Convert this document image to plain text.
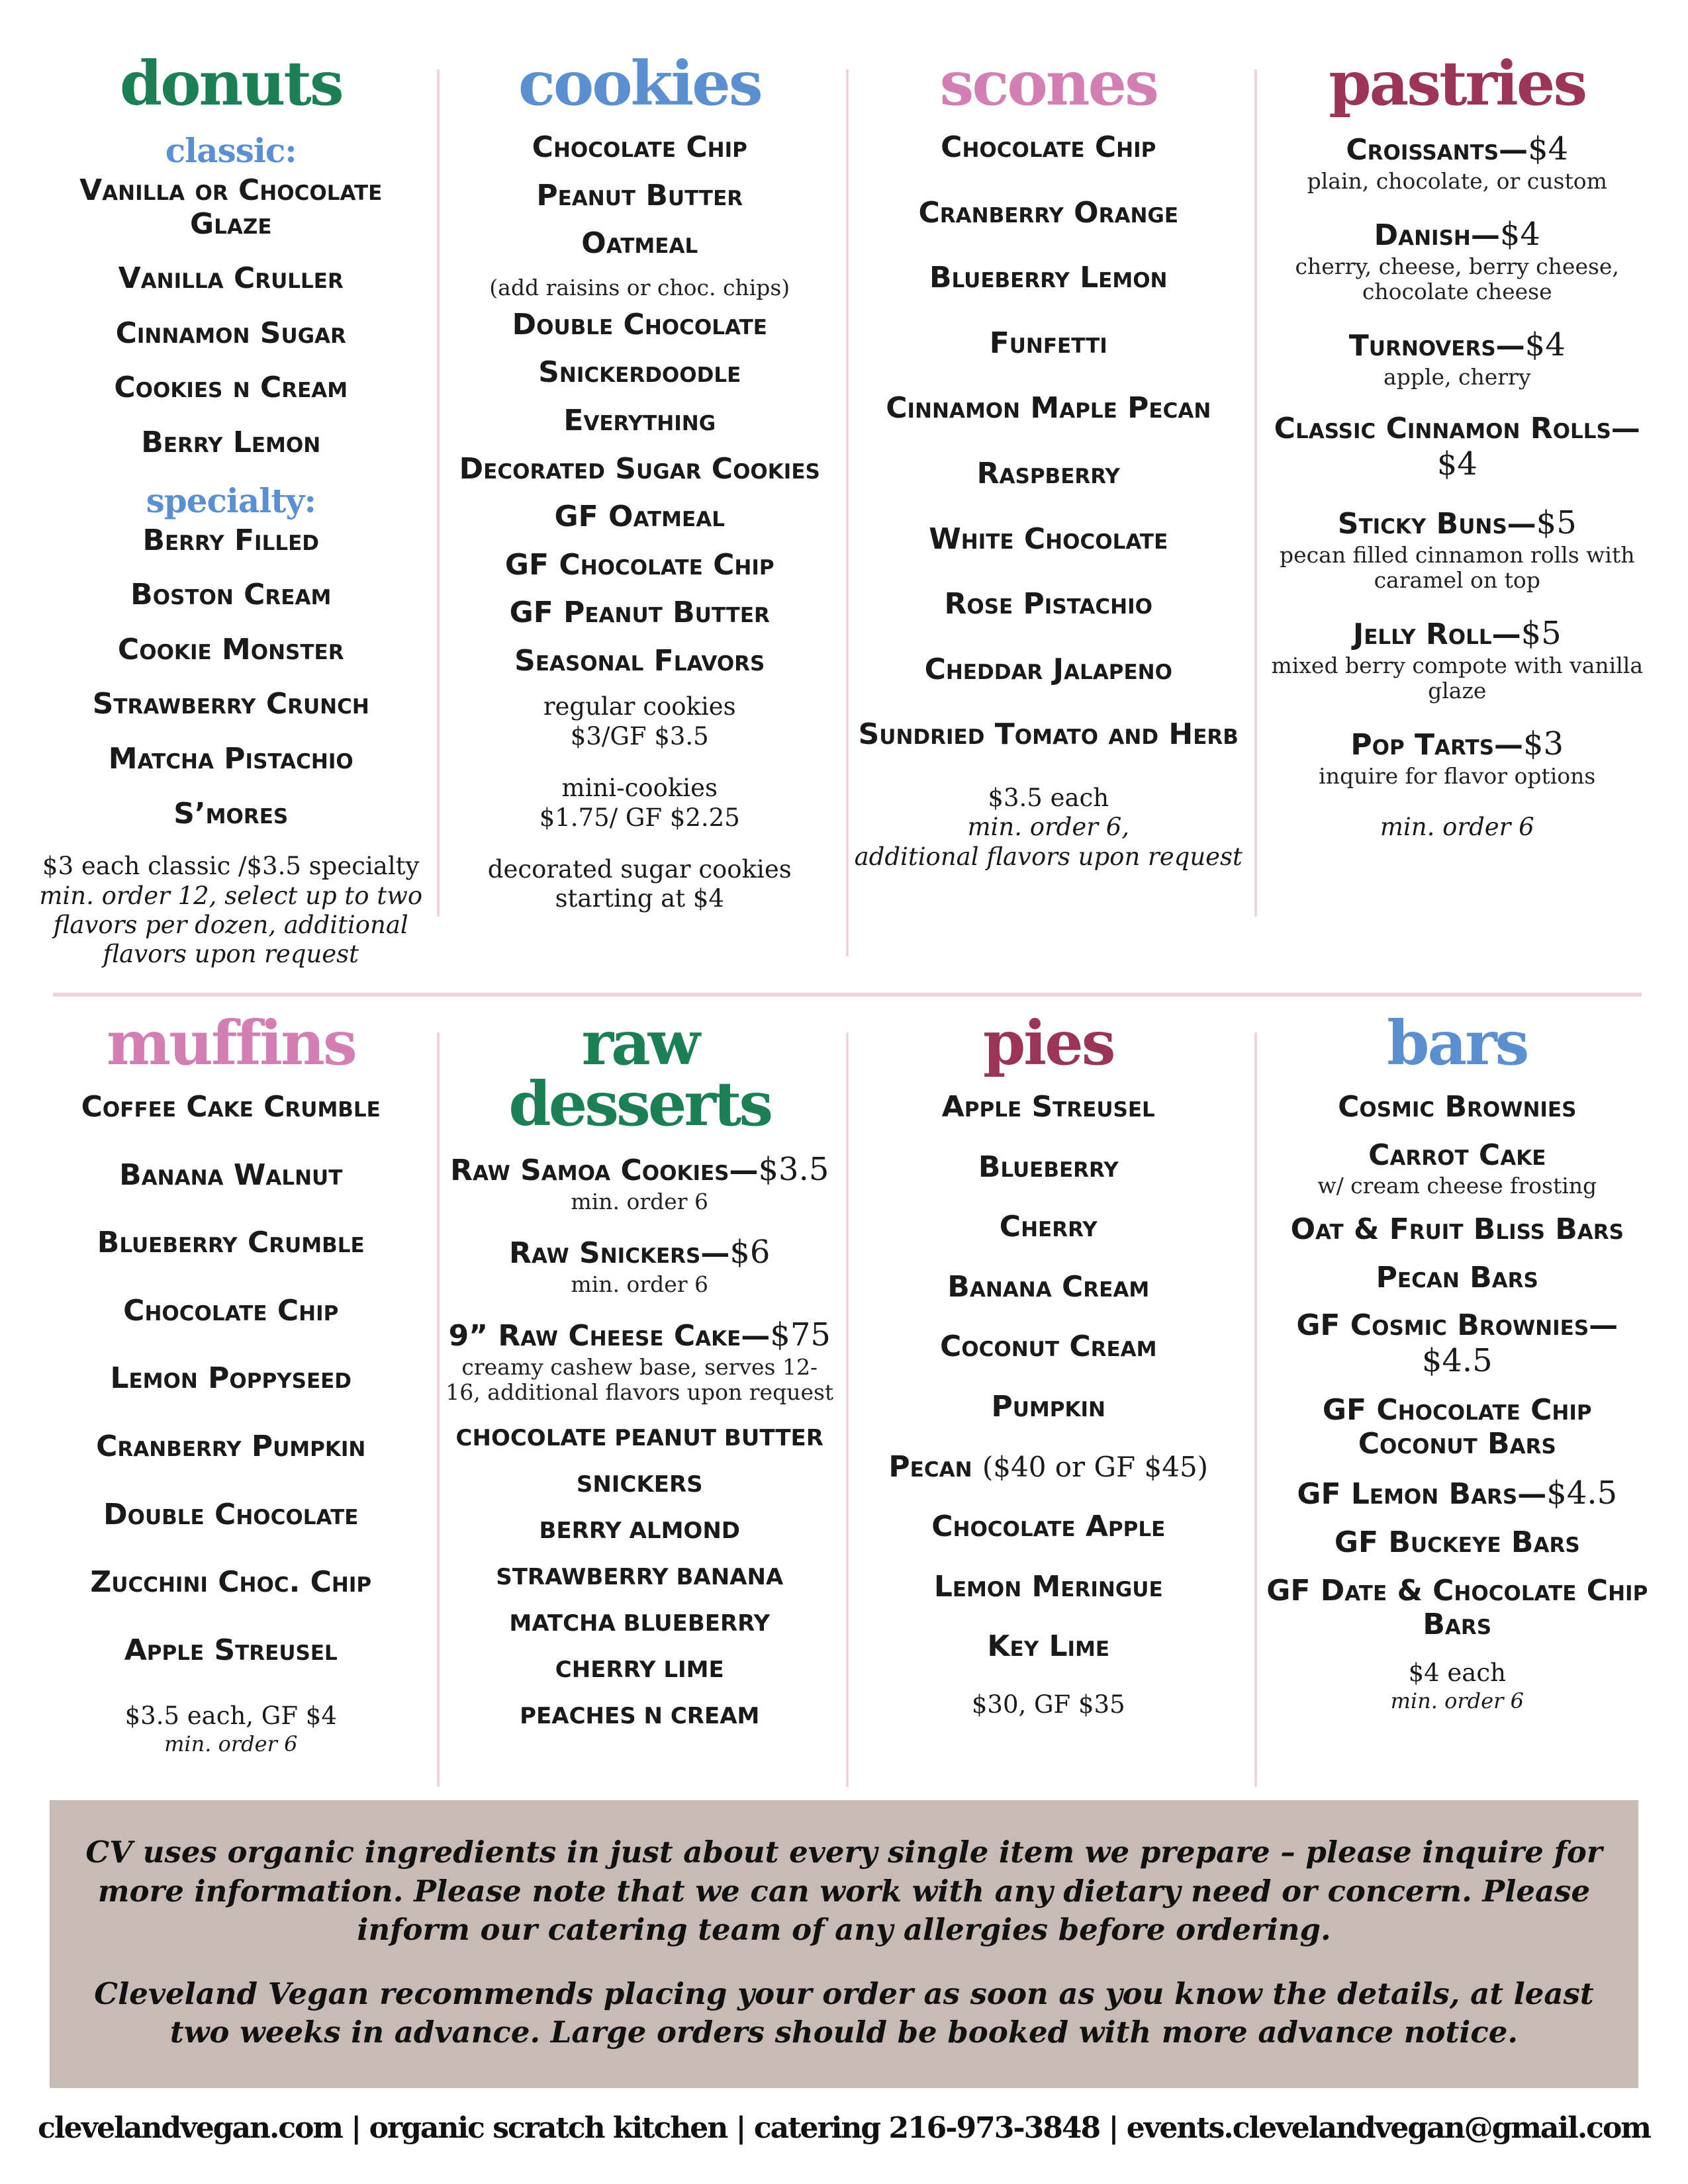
donuts
classic:

Vanilla or Chocolate Glaze

Vanilla Cruller

Cinnamon Sugar

Cookies n Cream

Berry Lemon

specialty:

Berry Filled

Boston Cream

Cookie Monster

Strawberry Crunch

Matcha Pistachio

S’mores

$3 each classic /$3.5 specialty

min. order 12, select up to two flavors per dozen, additional flavors upon request

cookies

Chocolate Chip

Peanut Butter

Oatmeal

(add raisins or choc. chips)

Double Chocolate

Snickerdoodle

Everything

Decorated Sugar Cookies

GF Oatmeal

GF Chocolate Chip

GF Peanut Butter

Seasonal Flavors

regular cookies

$3/GF $3.5

mini-cookies

$1.75/ GF $2.25

decorated sugar cookies

starting at $4

scones

Chocolate Chip

Cranberry Orange

Blueberry Lemon

Funfetti

Cinnamon Maple Pecan

Raspberry

White Chocolate

Rose Pistachio

Cheddar Jalapeno

Sundried Tomato and Herb

$3.5 each

min. order 6,

additional flavors upon request

pastries

Croissants—$4

plain, chocolate, or custom

Danish—$4

cherry, cheese, berry cheese, chocolate cheese

Turnovers—$4

apple, cherry

Classic Cinnamon Rolls—$4

Sticky Buns—$5

pecan filled cinnamon rolls with caramel on top

Jelly Roll—$5

mixed berry compote with vanilla glaze

Pop Tarts—$3

inquire for flavor options

min. order 6

muffins

Coffee Cake Crumble

Banana Walnut

Blueberry Crumble

Chocolate Chip

Lemon Poppyseed

Cranberry Pumpkin

Double Chocolate

Zucchini Choc. Chip

Apple Streusel

$3.5 each, GF $4

min. order 6

raw desserts

Raw Samoa Cookies—$3.5

min. order 6

Raw Snickers—$6

min. order 6

9” Raw Cheese Cake—$75

creamy cashew base, serves 12-16, additional flavors upon request

CHOCOLATE PEANUT BUTTER

SNICKERS

BERRY ALMOND

STRAWBERRY BANANA

MATCHA BLUEBERRY

CHERRY LIME

PEACHES N CREAM

pies

Apple Streusel

Blueberry

Cherry

Banana Cream

Coconut Cream

Pumpkin

Pecan ($40 or GF $45)

Chocolate Apple

Lemon Meringue

Key Lime

$30, GF $35

bars

Cosmic Brownies

Carrot Cake

w/ cream cheese frosting

Oat & Fruit Bliss Bars

Pecan Bars

GF Cosmic Brownies—$4.5

GF Chocolate Chip Coconut Bars

GF Lemon Bars—$4.5

GF Buckeye Bars

GF Date & Chocolate Chip Bars

$4 each

min. order 6

CV uses organic ingredients in just about every single item we prepare – please inquire for more information. Please note that we can work with any dietary need or concern. Please inform our catering team of any allergies before ordering.

Cleveland Vegan recommends placing your order as soon as you know the details, at least two weeks in advance. Large orders should be booked with more advance notice.

clevelandvegan.com | organic scratch kitchen | catering 216-973-3848 | events.clevelandvegan@gmail.com
